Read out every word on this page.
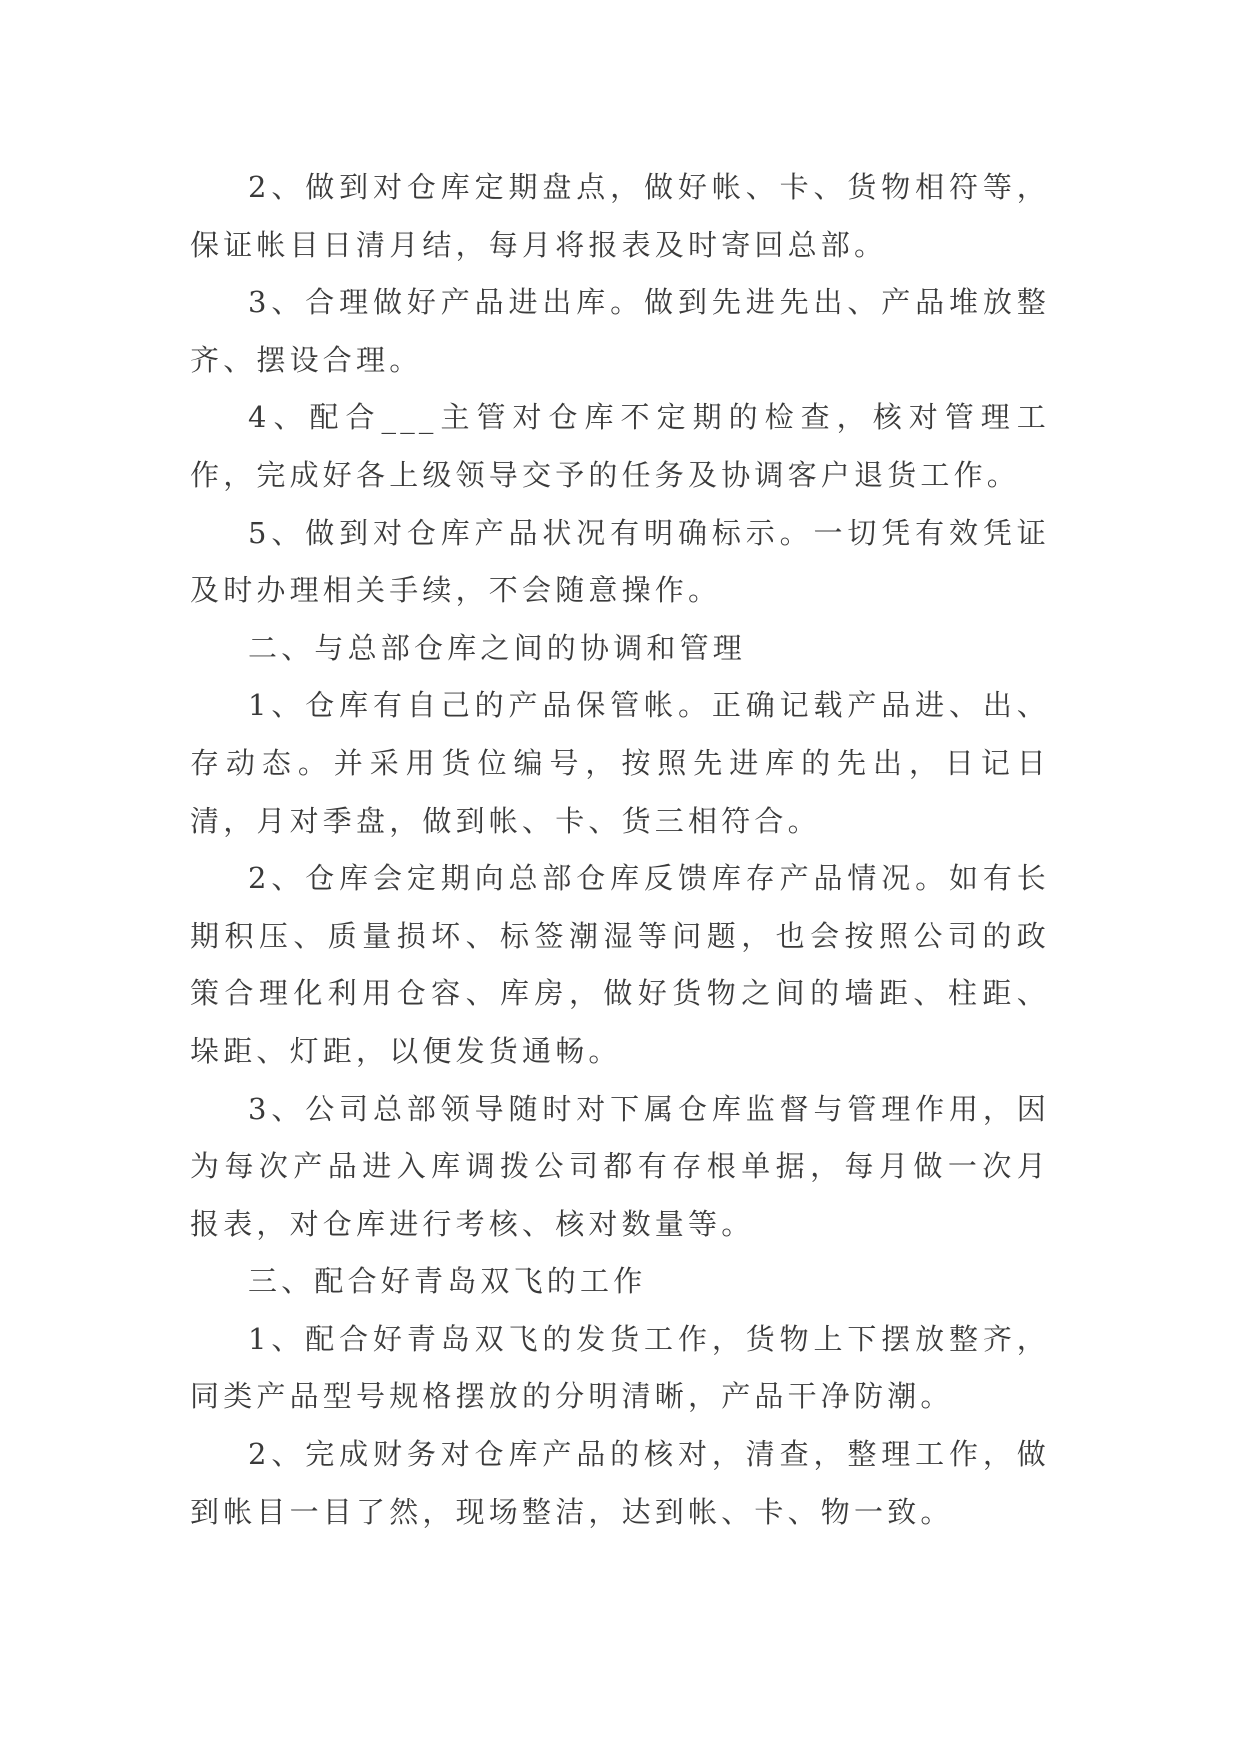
2、做到对仓库定期盘点，做好帐、卡、货物相符等，保证帐目日清月结，每月将报表及时寄回总部。

3、合理做好产品进出库。做到先进先出、产品堆放整齐、摆设合理。

4、配合___主管对仓库不定期的检查，核对管理工作，完成好各上级领导交予的任务及协调客户退货工作。

5、做到对仓库产品状况有明确标示。一切凭有效凭证及时办理相关手续，不会随意操作。

二、与总部仓库之间的协调和管理

1、仓库有自己的产品保管帐。正确记载产品进、出、存动态。并采用货位编号，按照先进库的先出，日记日清，月对季盘，做到帐、卡、货三相符合。

2、仓库会定期向总部仓库反馈库存产品情况。如有长期积压、质量损坏、标签潮湿等问题，也会按照公司的政策合理化利用仓容、库房，做好货物之间的墙距、柱距、垛距、灯距，以便发货通畅。

3、公司总部领导随时对下属仓库监督与管理作用，因为每次产品进入库调拨公司都有存根单据，每月做一次月报表，对仓库进行考核、核对数量等。

三、配合好青岛双飞的工作

1、配合好青岛双飞的发货工作，货物上下摆放整齐，同类产品型号规格摆放的分明清晰，产品干净防潮。

2、完成财务对仓库产品的核对，清查，整理工作，做到帐目一目了然，现场整洁，达到帐、卡、物一致。
